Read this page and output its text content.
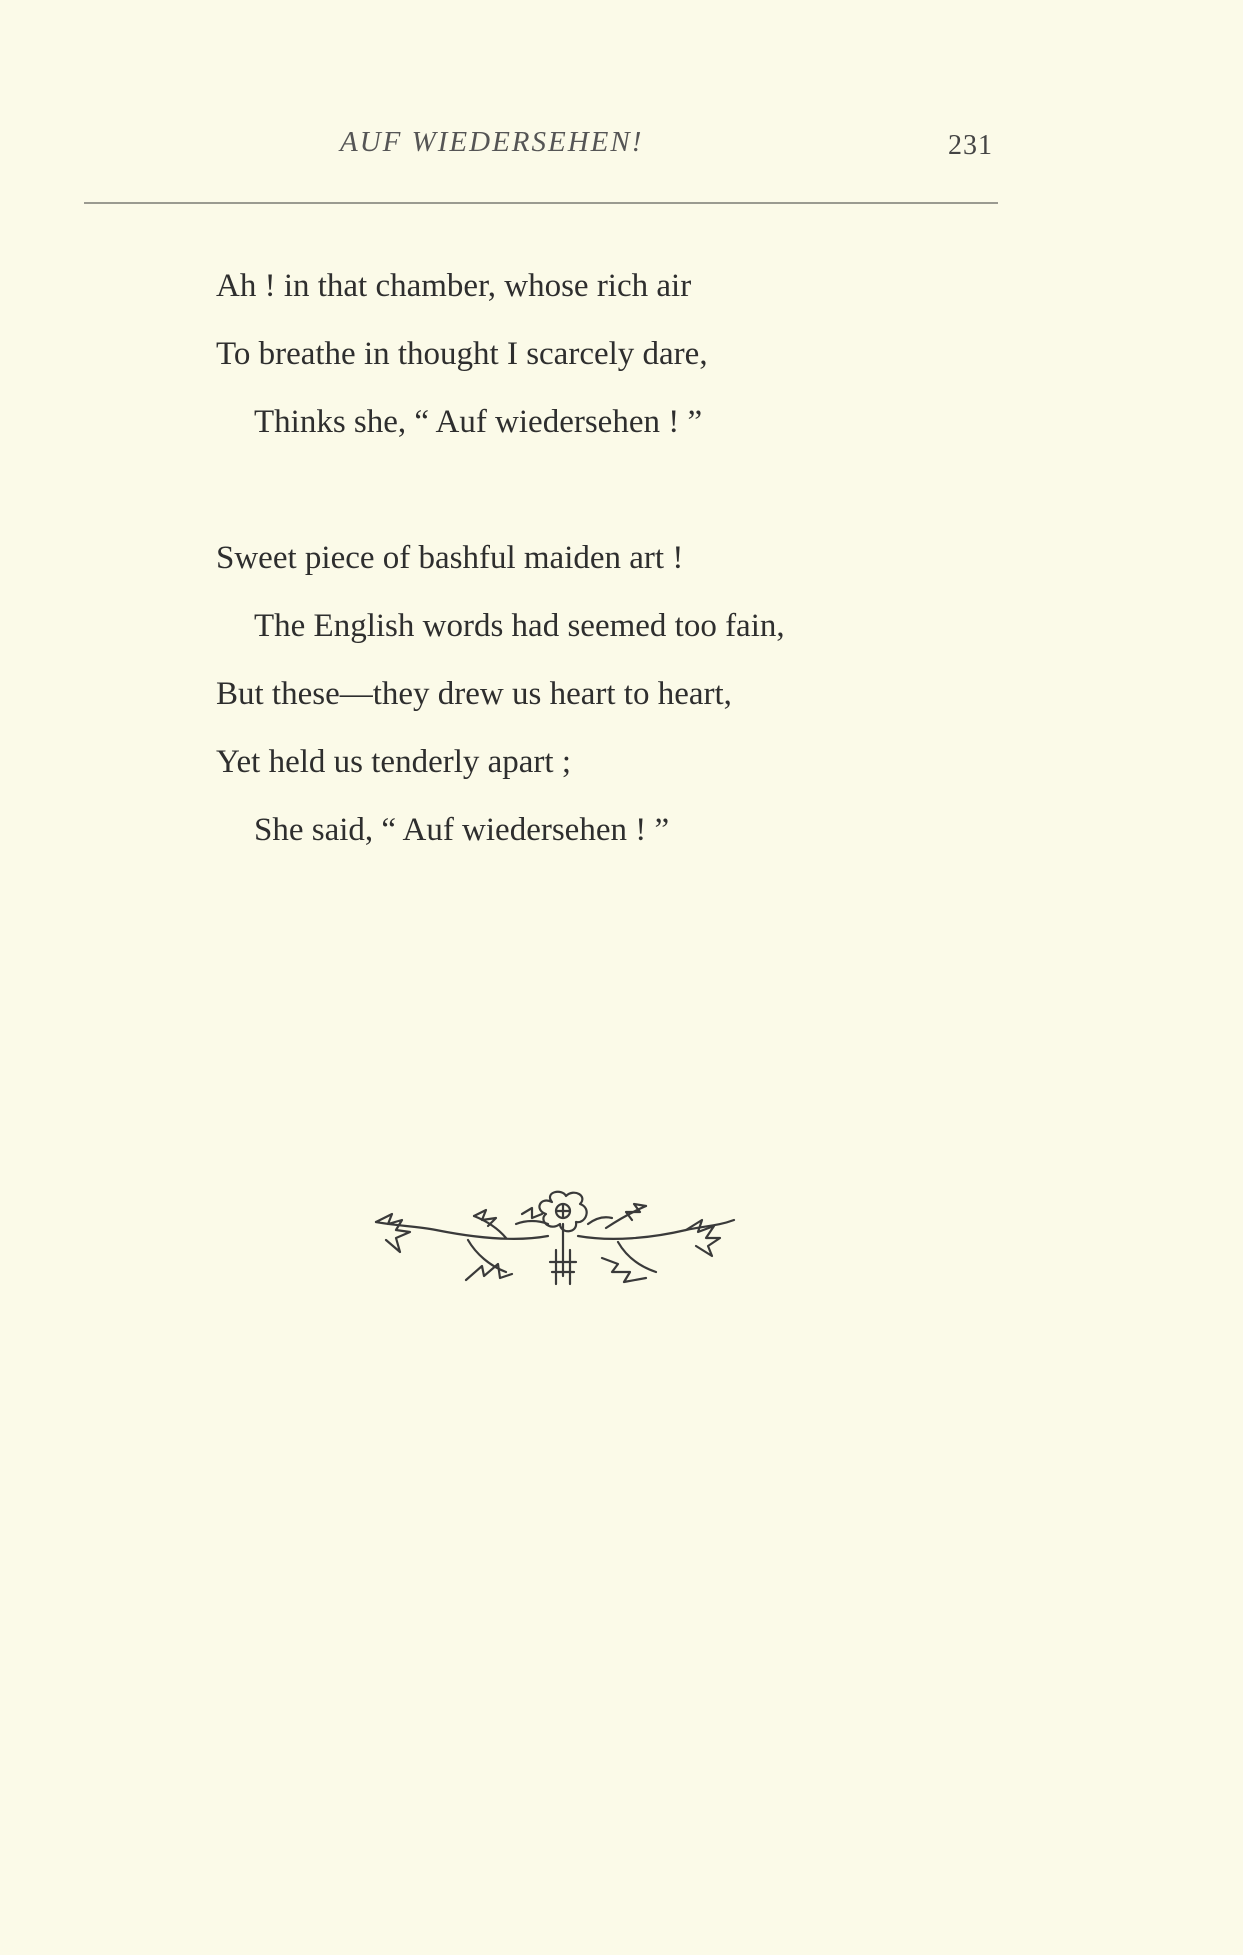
AUF WIEDERSEHEN!	231
Ah ! in that chamber, whose rich air
To breathe in thought I scarcely dare,
Thinks she, “ Auf wiedersehen ! ”
Sweet piece of bashful maiden art !
The English words had seemed too fain,
But these—they drew us heart to heart,
Yet held us tenderly apart ;
She said, “ Auf wiedersehen ! ”
